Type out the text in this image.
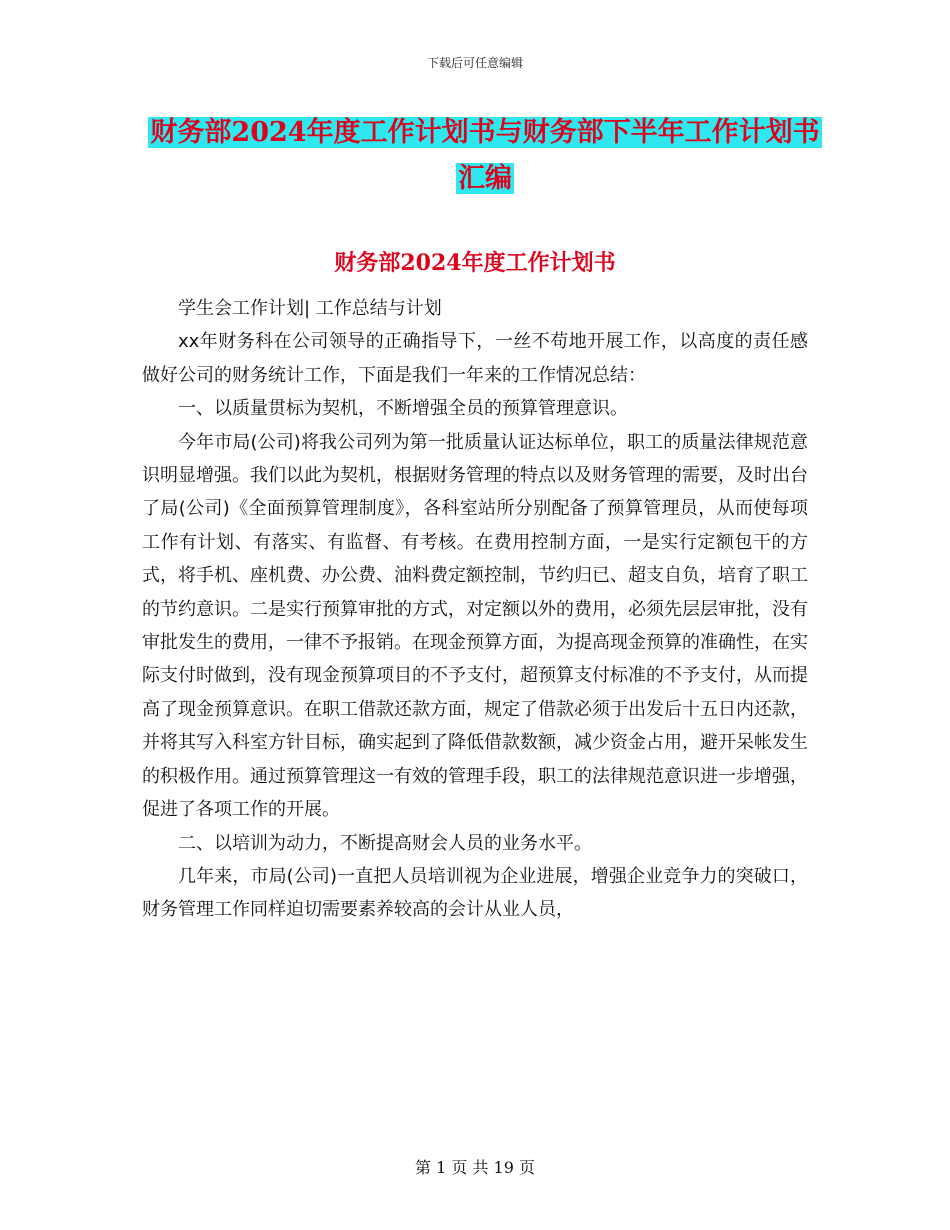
下载后可任意编辑
财务部2024年度工作计划书与财务部下半年工作计划书汇编
财务部2024年度工作计划书

学生会工作计划| 工作总结与计划

xx年财务科在公司领导的正确指导下，一丝不苟地开展工作，以高度的责任感做好公司的财务统计工作，下面是我们一年来的工作情况总结：

一、以质量贯标为契机，不断增强全员的预算管理意识。

今年市局(公司)将我公司列为第一批质量认证达标单位，职工的质量法律规范意识明显增强。我们以此为契机，根据财务管理的特点以及财务管理的需要，及时出台了局(公司)《全面预算管理制度》，各科室站所分别配备了预算管理员，从而使每项工作有计划、有落实、有监督、有考核。在费用控制方面，一是实行定额包干的方式，将手机、座机费、办公费、油料费定额控制，节约归已、超支自负，培育了职工的节约意识。二是实行预算审批的方式，对定额以外的费用，必须先层层审批，没有审批发生的费用，一律不予报销。在现金预算方面，为提高现金预算的准确性，在实际支付时做到，没有现金预算项目的不予支付，超预算支付标准的不予支付，从而提高了现金预算意识。在职工借款还款方面，规定了借款必须于出发后十五日内还款，并将其写入科室方针目标，确实起到了降低借款数额，减少资金占用，避开呆帐发生的积极作用。通过预算管理这一有效的管理手段，职工的法律规范意识进一步增强，促进了各项工作的开展。

二、以培训为动力，不断提高财会人员的业务水平。

几年来，市局(公司)一直把人员培训视为企业进展，增强企业竞争力的突破口，财务管理工作同样迫切需要素养较高的会计从业人员，

第 1 页 共 19 页
